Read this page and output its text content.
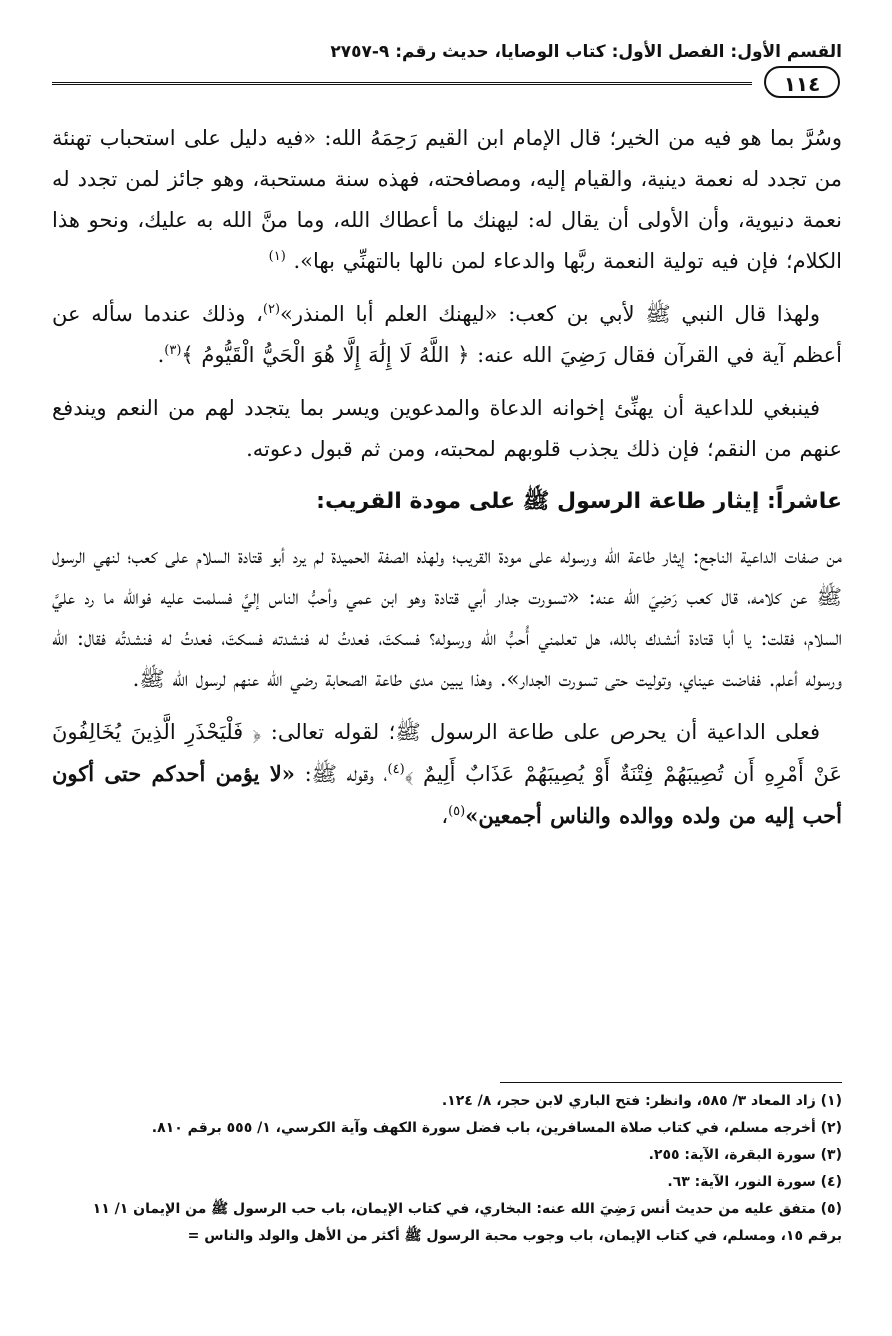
القسم الأول: الفصل الأول: كتاب الوصايا، حديث رقم: ٩-٢٧٥٧
١١٤

وسُرَّ بما هو فيه من الخير؛ قال الإمام ابن القيم رَحِمَهُ الله: «فيه دليل على استحباب تهنئة من تجدد له نعمة دينية، والقيام إليه، ومصافحته، فهذه سنة مستحبة، وهو جائز لمن تجدد له نعمة دنيوية، وأن الأولى أن يقال له: ليهنك ما أعطاك الله، وما منَّ الله به عليك، ونحو هذا الكلام؛ فإن فيه تولية النعمة ربَّها والدعاء لمن نالها بالتهنِّي بها». $^{(١)}$

ولهذا قال النبي ﷺ لأبي بن كعب: «ليهنك العلم أبا المنذر»$^{(٢)}$، وذلك عندما سأله عن أعظم آية في القرآن فقال رَضِيَ الله عنه: ﴿ اللَّهُ لَا إِلَٰهَ إِلَّا هُوَ الْحَيُّ الْقَيُّومُ ﴾$^{(٣)}$.

فينبغي للداعية أن يهنِّئ إخوانه الدعاة والمدعوين ويسر بما يتجدد لهم من النعم ويندفع عنهم من النقم؛ فإن ذلك يجذب قلوبهم لمحبته، ومن ثم قبول دعوته.

عاشراً: إيثار طاعة الرسول ﷺ على مودة القريب:

من صفات الداعية الناجح: إيثار طاعة الله ورسوله على مودة القريب؛ ولهذه الصفة الحميدة لم يرد أبو قتادة السلام على كعب؛ لنهي الرسول ﷺ عن كلامه، قال كعب رَضِيَ الله عنه: «تسورت جدار أبي قتادة وهو ابن عمي وأحبُّ الناس إليَّ فسلمت عليه فوالله ما رد عليَّ السلام، فقلت: يا أبا قتادة أنشدك بالله، هل تعلمني أُحبُّ الله ورسوله؟ فسكتَ، فعدتُ له فنشدته فسكتَ، فعدتُ له فنشدتُه فقال: الله ورسوله أعلم. ففاضت عيناي، وتوليت حتى تسورت الجدار». وهذا يبين مدى طاعة الصحابة رضي الله عنهم لرسول الله ﷺ.

فعلى الداعية أن يحرص على طاعة الرسول ﷺ؛ لقوله تعالى: ﴿ فَلْيَحْذَرِ الَّذِينَ يُخَالِفُونَ عَنْ أَمْرِهِ أَن تُصِيبَهُمْ فِتْنَةٌ أَوْ يُصِيبَهُمْ عَذَابٌ أَلِيمٌ ﴾$^{(٤)}$، وقوله ﷺ: «لا يؤمن أحدكم حتى أكون أحب إليه من ولده ووالده والناس أجمعين»$^{(٥)}$،

(١) زاد المعاد ٣/ ٥٨٥، وانظر: فتح الباري لابن حجر، ٨/ ١٢٤.

(٢) أخرجه مسلم، في كتاب صلاة المسافرين، باب فضل سورة الكهف وآية الكرسي، ١/ ٥٥٥ برقم ٨١٠.

(٣) سورة البقرة، الآية: ٢٥٥.

(٤) سورة النور، الآية: ٦٣.

(٥) متفق عليه من حديث أنس رَضِيَ الله عنه: البخاري، في كتاب الإيمان، باب حب الرسول ﷺ من الإيمان ١/ ١١

برقم ١٥، ومسلم، في كتاب الإيمان، باب وجوب محبة الرسول ﷺ أكثر من الأهل والولد والناس =
